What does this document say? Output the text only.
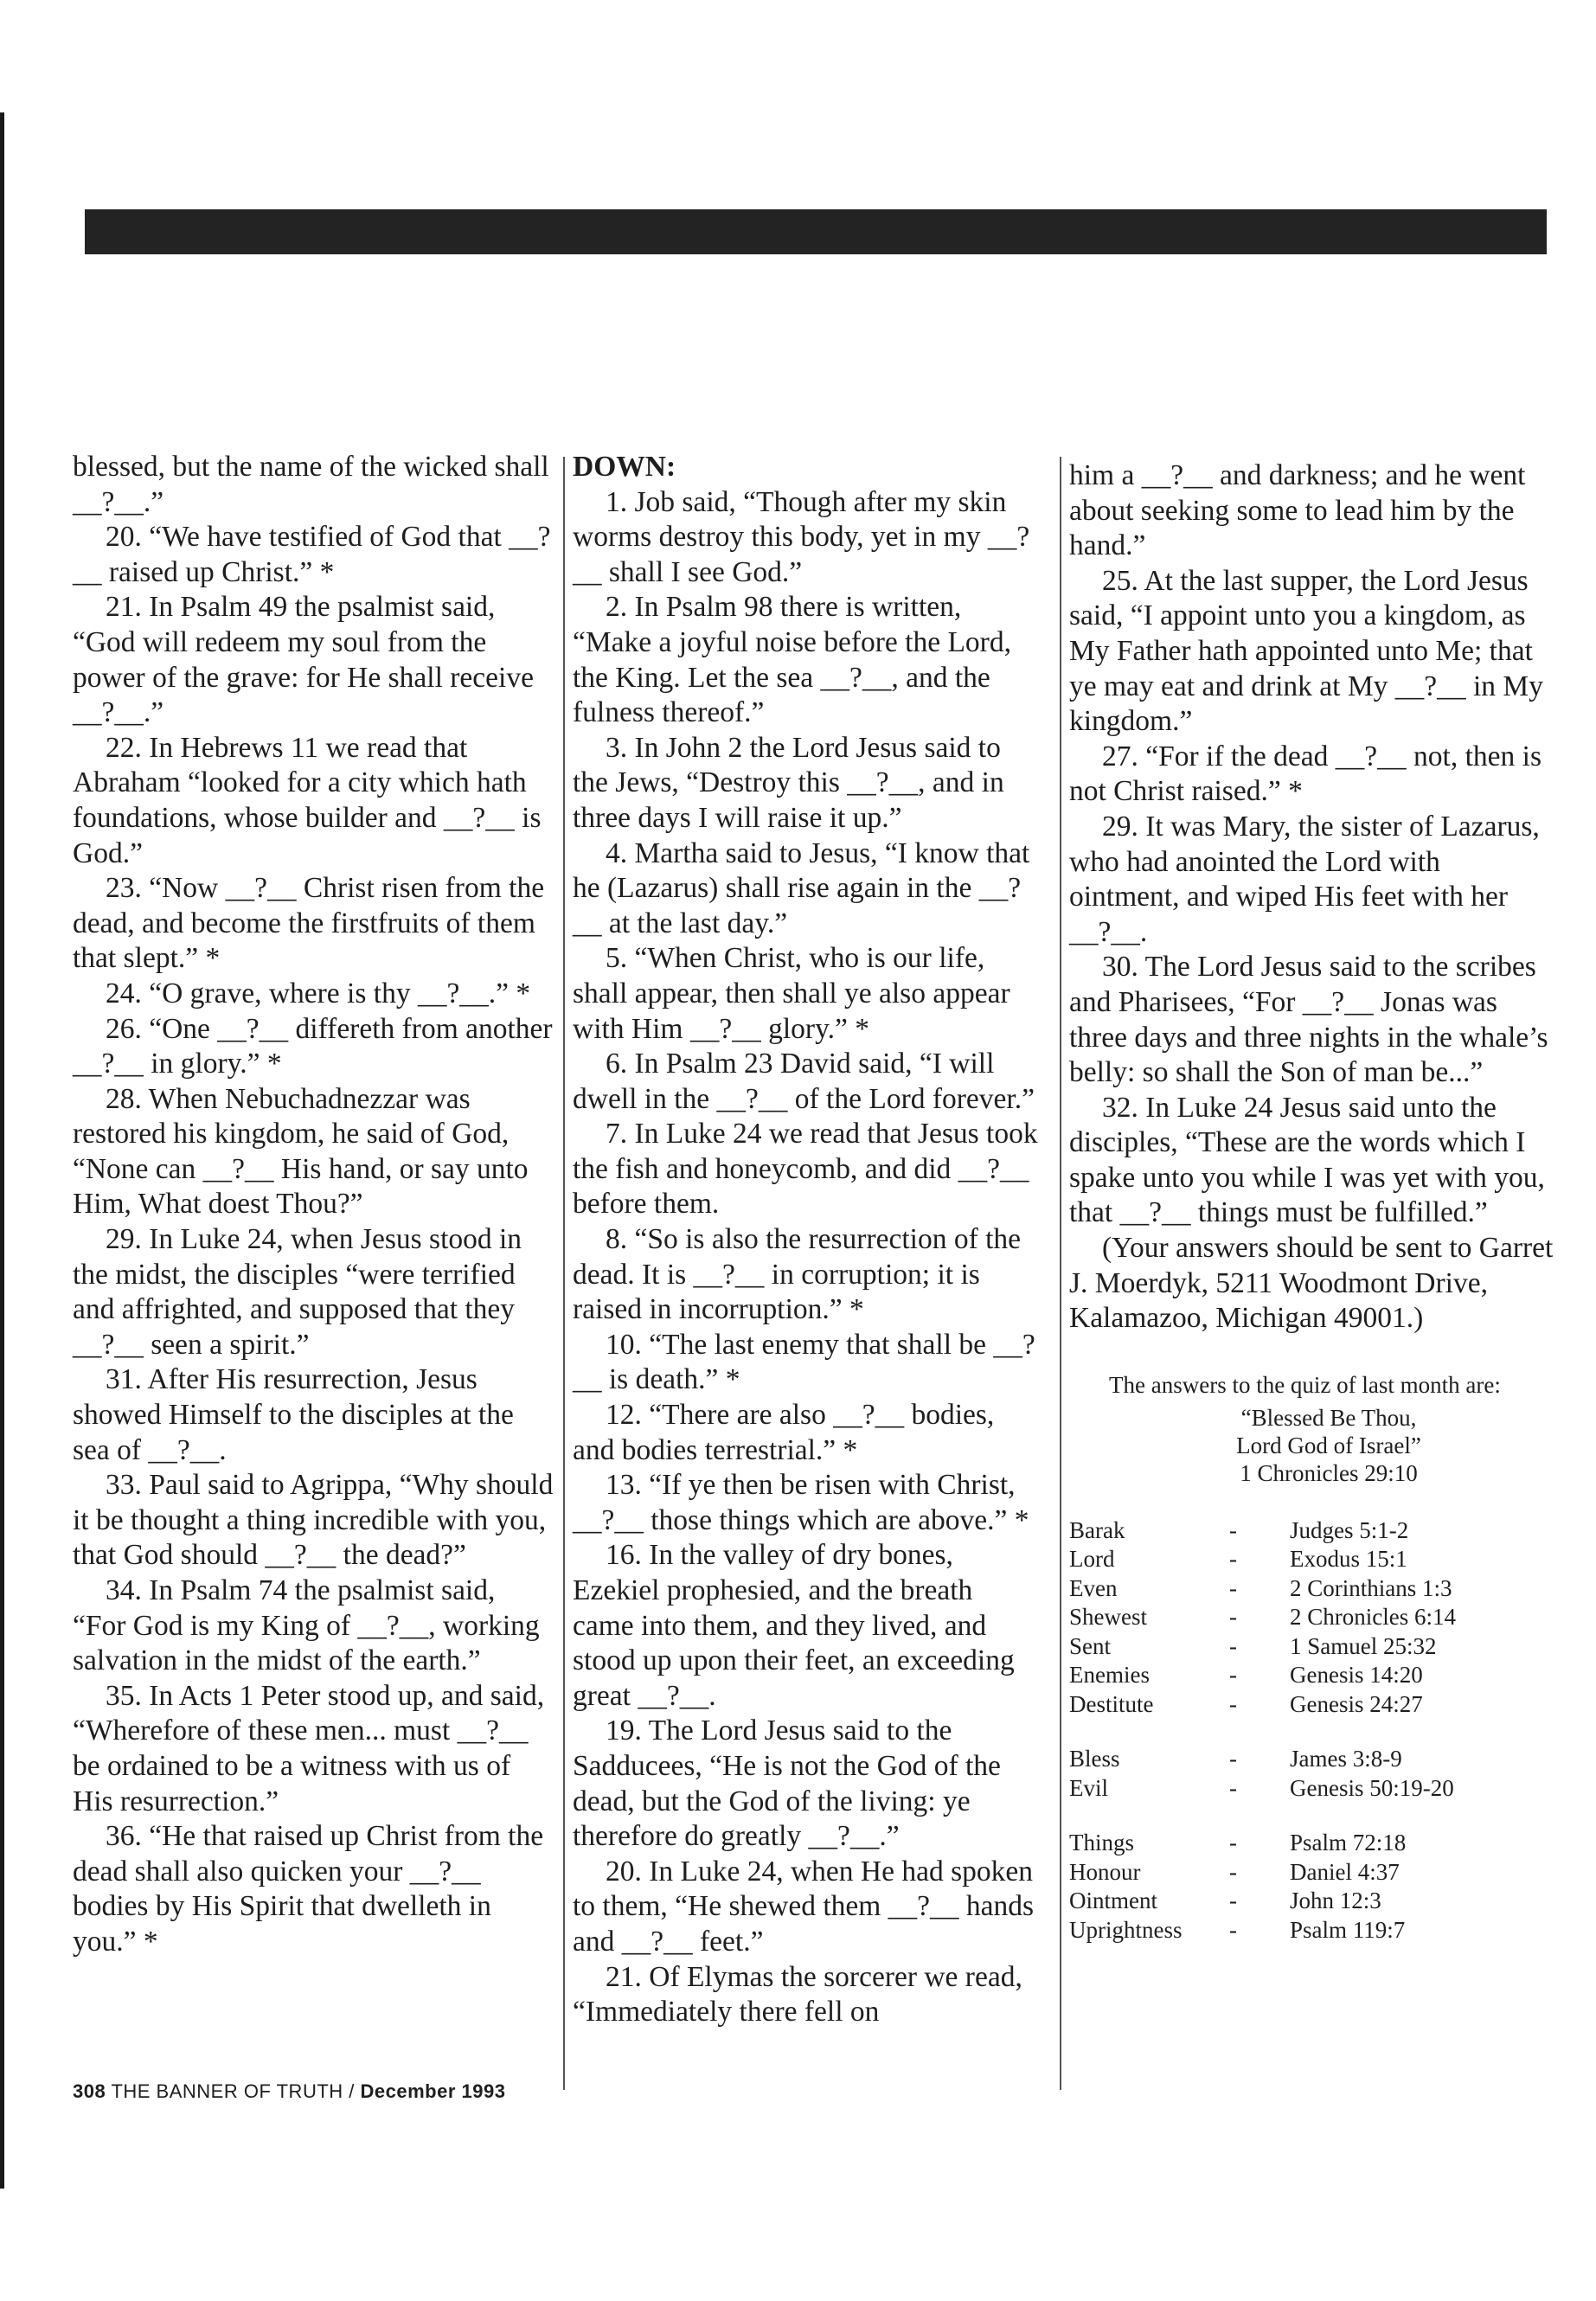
blessed, but the name of the wicked shall __?__.”

20. “We have testified of God that __?__ raised up Christ.” *

21. In Psalm 49 the psalmist said, “God will redeem my soul from the power of the grave: for He shall receive __?__.”

22. In Hebrews 11 we read that Abraham “looked for a city which hath foundations, whose builder and __?__ is God.”

23. “Now __?__ Christ risen from the dead, and become the firstfruits of them that slept.” *

24. “O grave, where is thy __?__.” *

26. “One __?__ differeth from another __?__ in glory.” *

28. When Nebuchadnezzar was restored his kingdom, he said of God, “None can __?__ His hand, or say unto Him, What doest Thou?”

29. In Luke 24, when Jesus stood in the midst, the disciples “were terrified and affrighted, and supposed that they __?__ seen a spirit.”

31. After His resurrection, Jesus showed Himself to the disciples at the sea of __?__.

33. Paul said to Agrippa, “Why should it be thought a thing incredible with you, that God should __?__ the dead?”

34. In Psalm 74 the psalmist said, “For God is my King of __?__, working salvation in the midst of the earth.”

35. In Acts 1 Peter stood up, and said, “Wherefore of these men... must __?__ be ordained to be a witness with us of His resurrection.”

36. “He that raised up Christ from the dead shall also quicken your __?__ bodies by His Spirit that dwelleth in you.” *

DOWN:

1. Job said, “Though after my skin worms destroy this body, yet in my __?__ shall I see God.”

2. In Psalm 98 there is written, “Make a joyful noise before the Lord, the King. Let the sea __?__, and the fulness thereof.”

3. In John 2 the Lord Jesus said to the Jews, “Destroy this __?__, and in three days I will raise it up.”

4. Martha said to Jesus, “I know that he (Lazarus) shall rise again in the __?__ at the last day.”

5. “When Christ, who is our life, shall appear, then shall ye also appear with Him __?__ glory.” *

6. In Psalm 23 David said, “I will dwell in the __?__ of the Lord forever.”

7. In Luke 24 we read that Jesus took the fish and honeycomb, and did __?__ before them.

8. “So is also the resurrection of the dead. It is __?__ in corruption; it is raised in incorruption.” *

10. “The last enemy that shall be __?__ is death.” *

12. “There are also __?__ bodies, and bodies terrestrial.” *

13. “If ye then be risen with Christ, __?__ those things which are above.” *

16. In the valley of dry bones, Ezekiel prophesied, and the breath came into them, and they lived, and stood up upon their feet, an exceeding great __?__.

19. The Lord Jesus said to the Sadducees, “He is not the God of the dead, but the God of the living: ye therefore do greatly __?__.”

20. In Luke 24, when He had spoken to them, “He shewed them __?__ hands and __?__ feet.”

21. Of Elymas the sorcerer we read, “Immediately there fell on

him a __?__ and darkness; and he went about seeking some to lead him by the hand.”

25. At the last supper, the Lord Jesus said, “I appoint unto you a kingdom, as My Father hath appointed unto Me; that ye may eat and drink at My __?__ in My kingdom.”

27. “For if the dead __?__ not, then is not Christ raised.” *

29. It was Mary, the sister of Lazarus, who had anointed the Lord with ointment, and wiped His feet with her __?__.

30. The Lord Jesus said to the scribes and Pharisees, “For __?__ Jonas was three days and three nights in the whale’s belly: so shall the Son of man be...”

32. In Luke 24 Jesus said unto the disciples, “These are the words which I spake unto you while I was yet with you, that __?__ things must be fulfilled.”

(Your answers should be sent to Garret J. Moerdyk, 5211 Woodmont Drive, Kalamazoo, Michigan 49001.)

The answers to the quiz of last month are:

“Blessed Be Thou,

Lord God of Israel”

1 Chronicles 29:10

Barak	-	Judges 5:1-2
Lord	-	Exodus 15:1
Even	-	2 Corinthians 1:3
Shewest	-	2 Chronicles 6:14
Sent	-	1 Samuel 25:32
Enemies	-	Genesis 14:20
Destitute	-	Genesis 24:27
Bless	-	James 3:8-9
Evil	-	Genesis 50:19-20
Things	-	Psalm 72:18
Honour	-	Daniel 4:37
Ointment	-	John 12:3
Uprightness	-	Psalm 119:7
308 THE BANNER OF TRUTH / December 1993
